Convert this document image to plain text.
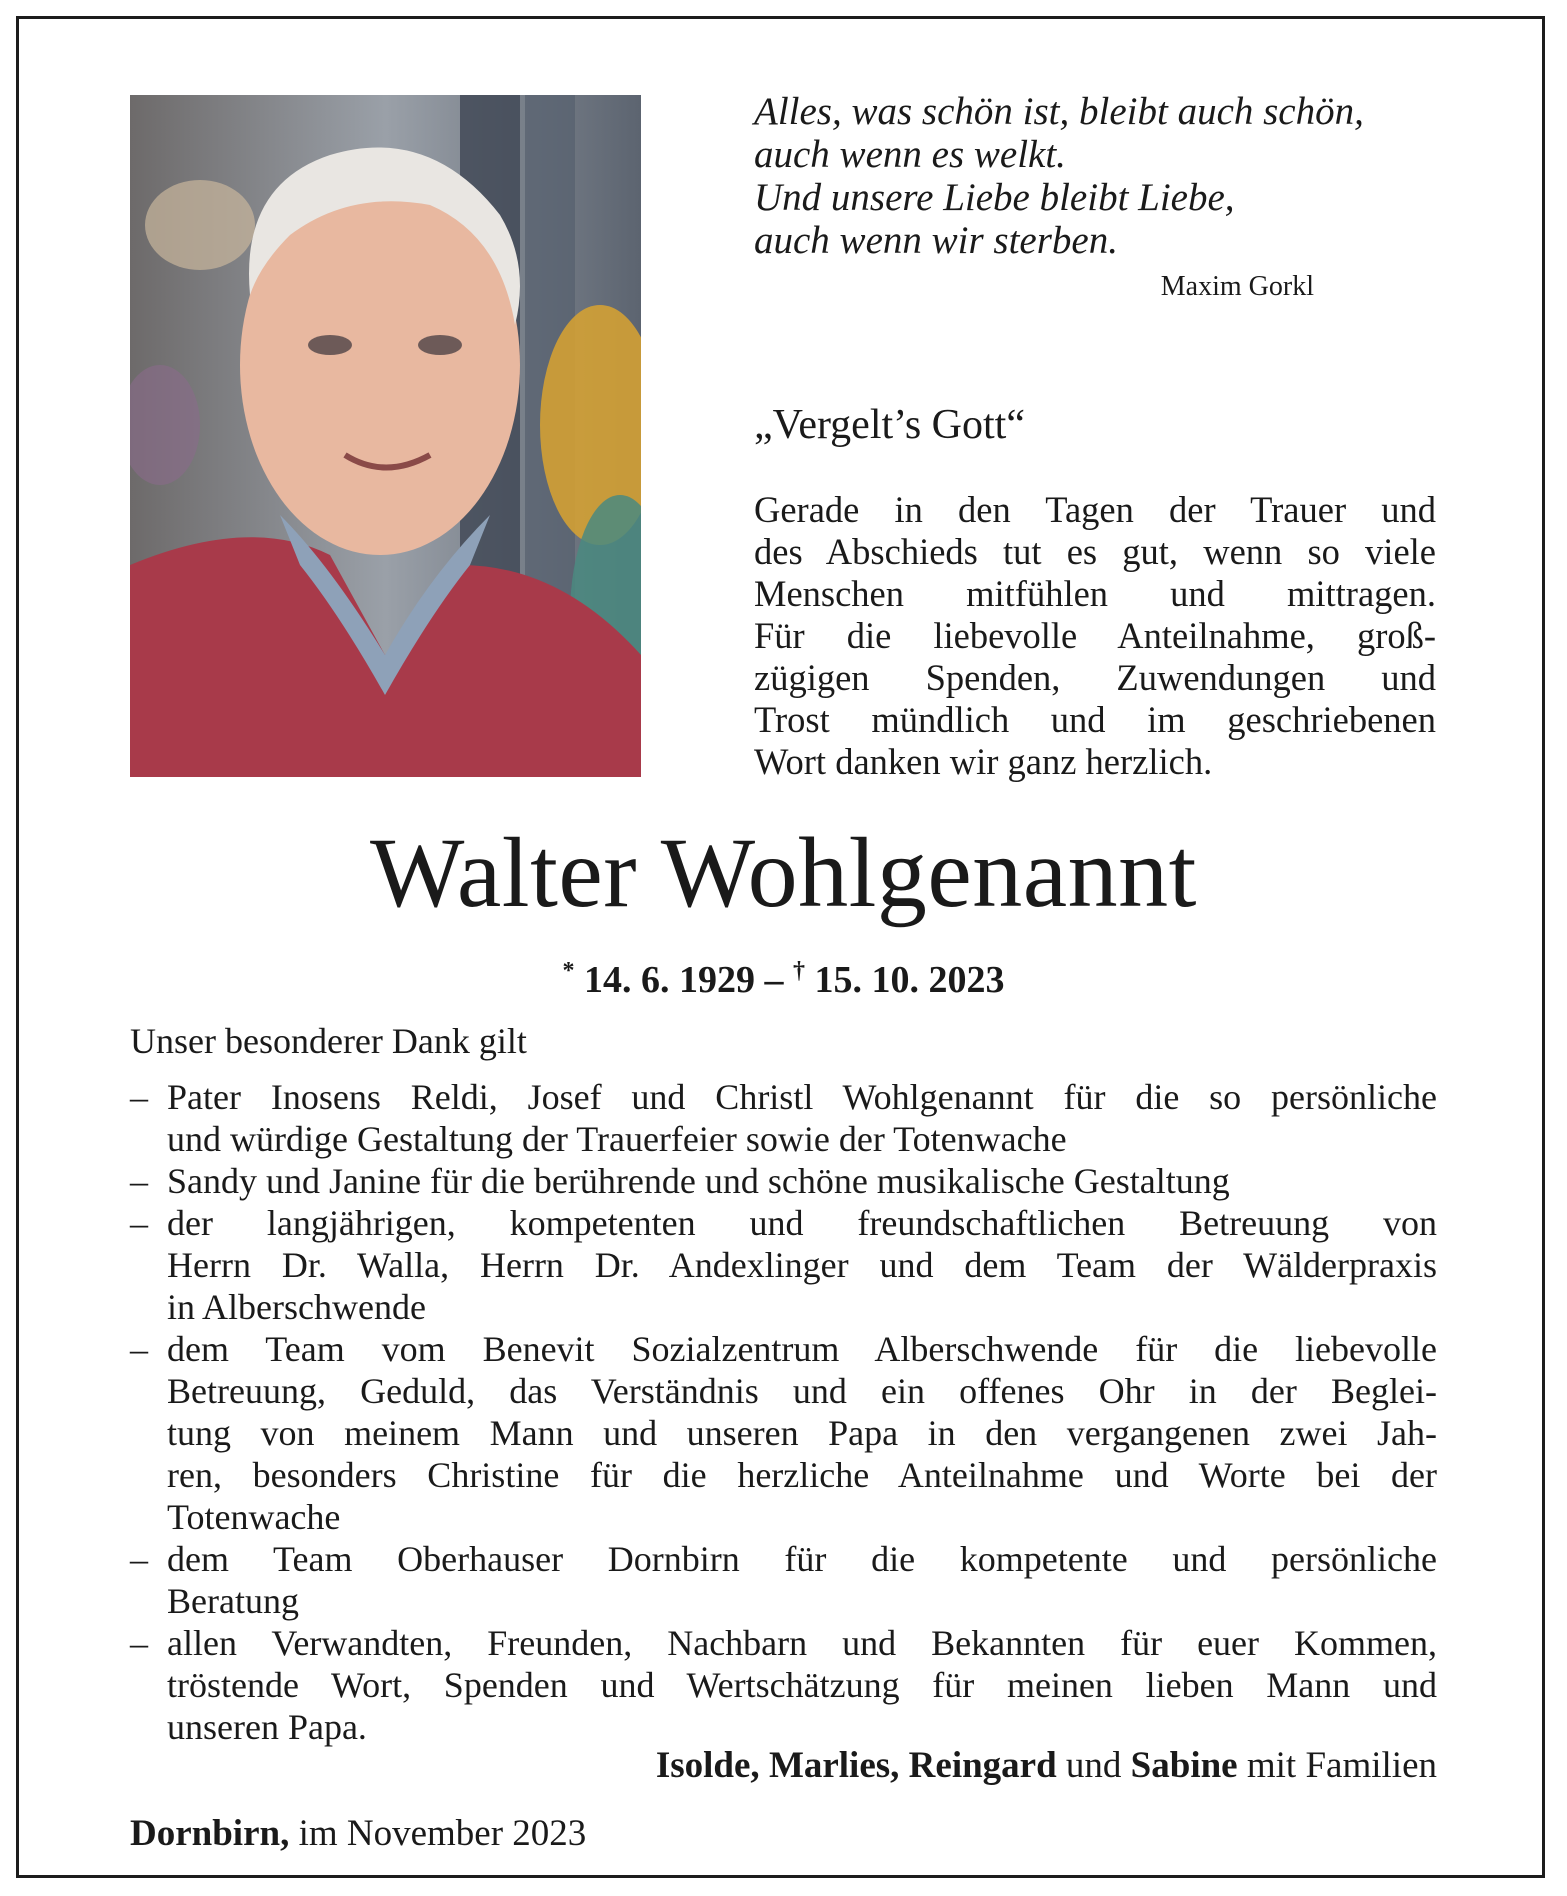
Alles, was schön ist, bleibt auch schön,
auch wenn es welkt.
Und unsere Liebe bleibt Liebe,
auch wenn wir sterben.
Maxim Gorkl
„Vergelt’s Gott“
Gerade in den Tagen der Trauer und
des Abschieds tut es gut, wenn so viele
Menschen mitfühlen und mittragen.
Für die liebevolle Anteilnahme, groß-
zügigen Spenden, Zuwendungen und
Trost mündlich und im geschriebenen
Wort danken wir ganz herzlich.
Walter Wohlgenannt
* 14. 6. 1929 – † 15. 10. 2023
Unser besonderer Dank gilt
– Pater Inosens Reldi, Josef und Christl Wohlgenannt für die so persönliche
und würdige Gestaltung der Trauerfeier sowie der Totenwache
– Sandy und Janine für die berührende und schöne musikalische Gestaltung
– der langjährigen, kompetenten und freundschaftlichen Betreuung von
Herrn Dr. Walla, Herrn Dr. Andexlinger und dem Team der Wälderpraxis
in Alberschwende
– dem Team vom Benevit Sozialzentrum Alberschwende für die liebevolle
Betreuung, Geduld, das Verständnis und ein offenes Ohr in der Beglei-
tung von meinem Mann und unseren Papa in den vergangenen zwei Jah-
ren, besonders Christine für die herzliche Anteilnahme und Worte bei der
Totenwache
– dem Team Oberhauser Dornbirn für die kompetente und persönliche
Beratung
– allen Verwandten, Freunden, Nachbarn und Bekannten für euer Kommen,
tröstende Wort, Spenden und Wertschätzung für meinen lieben Mann und
unseren Papa.
Isolde, Marlies, Reingard und Sabine mit Familien
Dornbirn, im November 2023
